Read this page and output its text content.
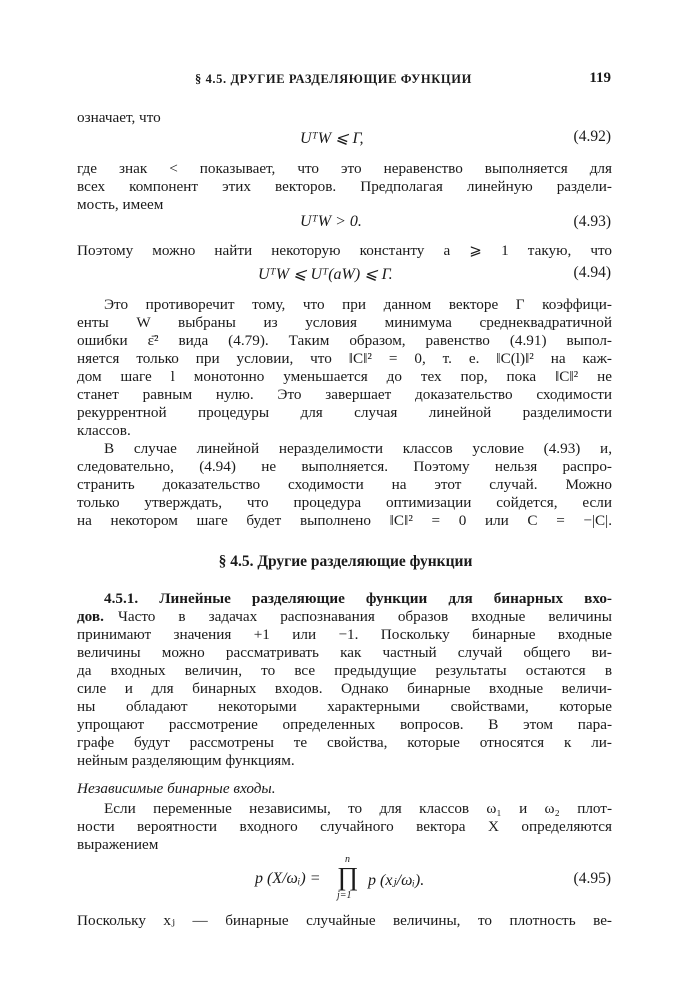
§ 4.5. ДРУГИЕ РАЗДЕЛЯЮЩИЕ ФУНКЦИИ	119
означает, что
UᵀW ⩽ Γ,	(4.92)
где знак < показывает, что это неравенство выполняется для
всех компонент этих векторов. Предполагая линейную раздели-
мость, имеем
UᵀW > 0.	(4.93)
Поэтому можно найти некоторую константу a ⩾ 1 такую, что
UᵀW ⩽ Uᵀ(aW) ⩽ Γ.	(4.94)
Это противоречит тому, что при данном векторе Γ коэффици-
енты W выбраны из условия минимума среднеквадратичной
ошибки ε̄² вида (4.79). Таким образом, равенство (4.91) выпол-
няется только при условии, что ‖C‖² = 0, т. е. ‖C(l)‖² на каж-
дом шаге l монотонно уменьшается до тех пор, пока ‖C‖² не
станет равным нулю. Это завершает доказательство сходимости
рекуррентной процедуры для случая линейной разделимости
классов.
В случае линейной неразделимости классов условие (4.93) и,
следовательно, (4.94) не выполняется. Поэтому нельзя распро-
странить доказательство сходимости на этот случай. Можно
только утверждать, что процедура оптимизации сойдется, если
на некотором шаге будет выполнено ‖C‖² = 0 или C = −|C|.
§ 4.5. Другие разделяющие функции
4.5.1. Линейные разделяющие функции для бинарных вхо-
дов. Часто в задачах распознавания образов входные величины
принимают значения +1 или −1. Поскольку бинарные входные
величины можно рассматривать как частный случай общего ви-
да входных величин, то все предыдущие результаты остаются в
силе и для бинарных входов. Однако бинарные входные величи-
ны обладают некоторыми характерными свойствами, которые
упрощают рассмотрение определенных вопросов. В этом пара-
графе будут рассмотрены те свойства, которые относятся к ли-
нейным разделяющим функциям.
Независимые бинарные входы.
Если переменные независимы, то для классов ω₁ и ω₂ плот-
ности вероятности входного случайного вектора X определяются
выражением
p (X/ωᵢ) =
n
∏
j=1
p (xⱼ/ωᵢ).	(4.95)
Поскольку xⱼ — бинарные случайные величины, то плотность ве-
